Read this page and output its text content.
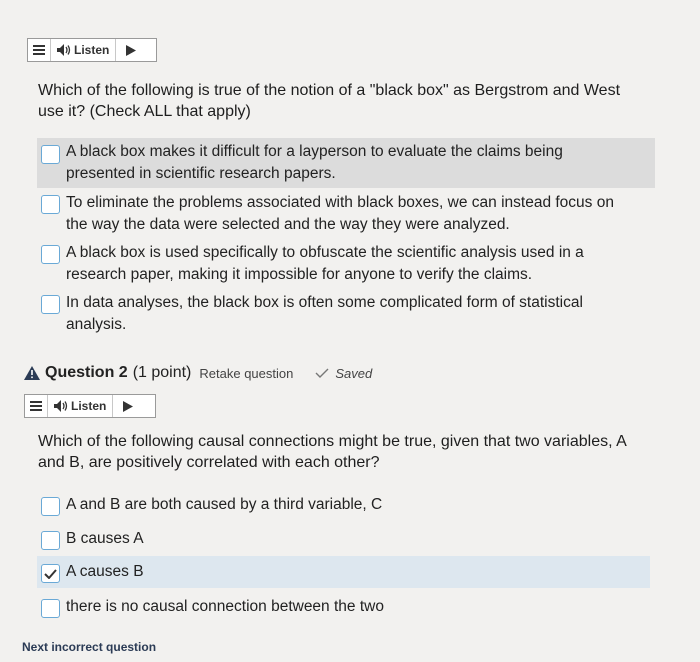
Listen
Which of the following is true of the notion of a "black box" as Bergstrom and West use it? (Check ALL that apply)
A black box makes it difficult for a layperson to evaluate the claims being
presented in scientific research papers.
To eliminate the problems associated with black boxes, we can instead focus on
the way the data were selected and the way they were analyzed.
A black box is used specifically to obfuscate the scientific analysis used in a
research paper, making it impossible for anyone to verify the claims.
In data analyses, the black box is often some complicated form of statistical
analysis.
Question 2 (1 point) Retake question	Saved
Listen
Which of the following causal connections might be true, given that two variables, A and B, are positively correlated with each other?
A and B are both caused by a third variable, C
B causes A
A causes B
there is no causal connection between the two
Next incorrect question
